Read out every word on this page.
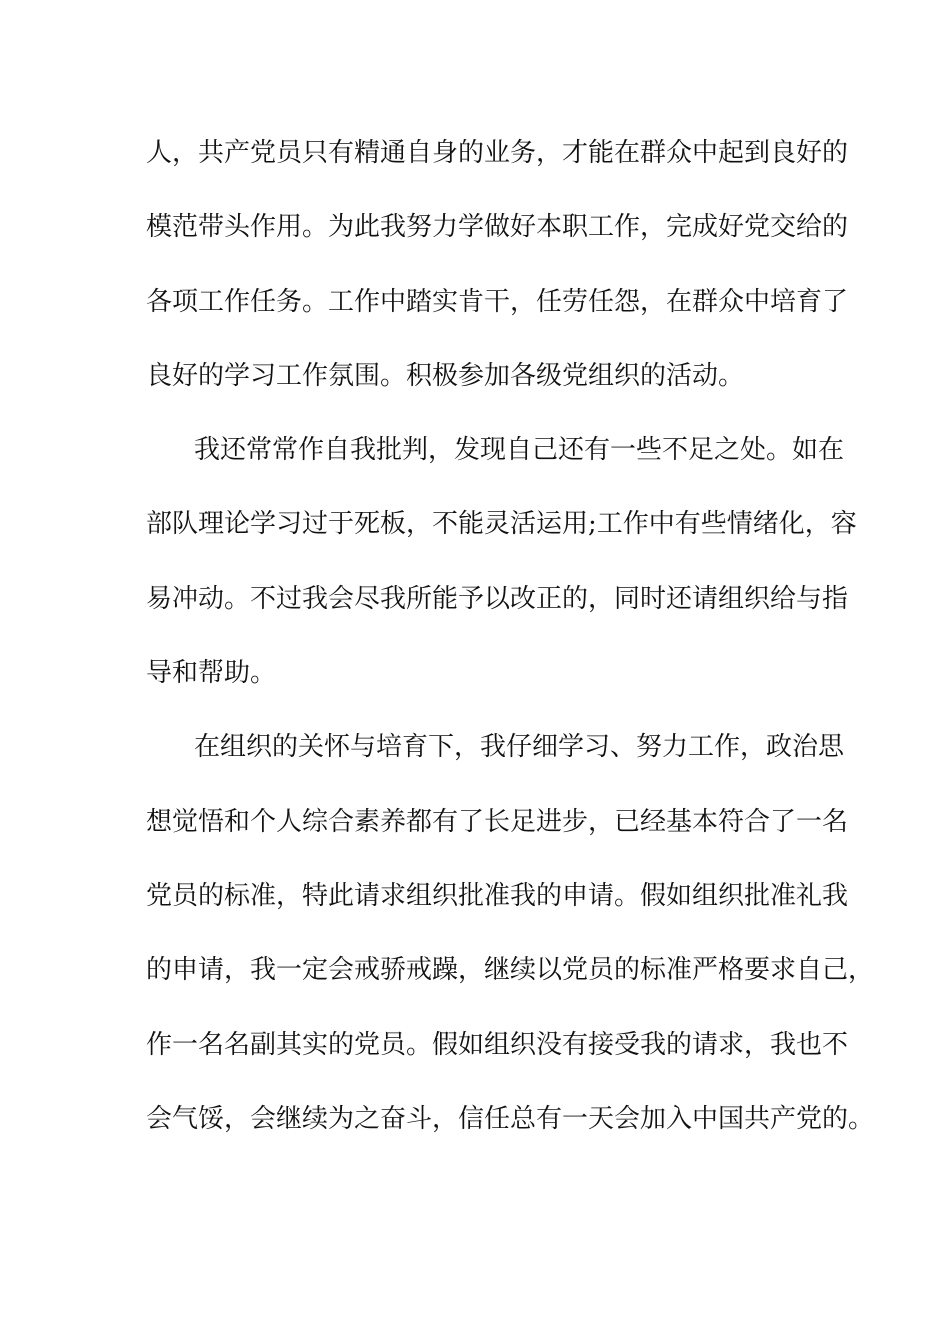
人，共产党员只有精通自身的业务，才能在群众中起到良好的
模范带头作用。为此我努力学做好本职工作，完成好党交给的
各项工作任务。工作中踏实肯干，任劳任怨，在群众中培育了
良好的学习工作氛围。积极参加各级党组织的活动。
我还常常作自我批判，发现自己还有一些不足之处。如在
部队理论学习过于死板，不能灵活运用;工作中有些情绪化，容
易冲动。不过我会尽我所能予以改正的，同时还请组织给与指
导和帮助。
在组织的关怀与培育下，我仔细学习、努力工作，政治思
想觉悟和个人综合素养都有了长足进步，已经基本符合了一名
党员的标准，特此请求组织批准我的申请。假如组织批准礼我
的申请，我一定会戒骄戒躁，继续以党员的标准严格要求自己，
作一名名副其实的党员。假如组织没有接受我的请求，我也不
会气馁，会继续为之奋斗，信任总有一天会加入中国共产党的。
